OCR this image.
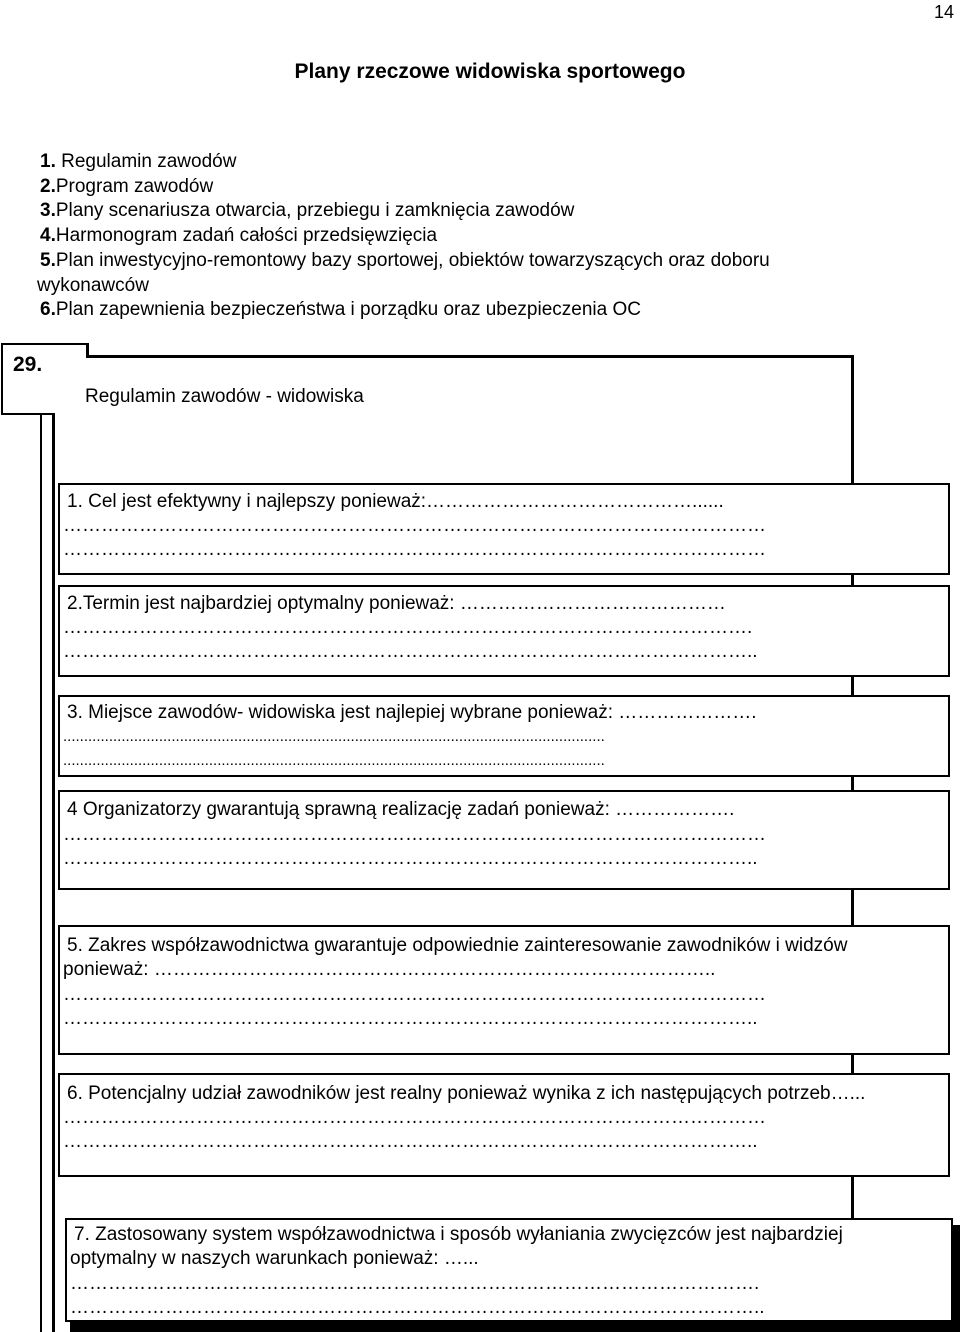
14
Plany rzeczowe widowiska sportowego
1. Regulamin zawodów
2.Program zawodów
3.Plany scenariusza otwarcia, przebiegu i zamknięcia zawodów
4.Harmonogram zadań całości przedsięwzięcia
5.Plan inwestycyjno-remontowy bazy sportowej, obiektów towarzyszących oraz doboru
wykonawców
6.Plan zapewnienia bezpieczeństwa i porządku oraz ubezpieczenia OC
29.
Regulamin zawodów - widowiska
1. Cel jest efektywny i najlepszy ponieważ:……………………………………......
…………………………………………………………………………………………………
…………………………………………………………………………………………………
2.Termin jest najbardziej optymalny ponieważ: ……………………………………
……………………………………………………………………………………………….
………………………………………………………………………………………………..
3. Miejsce zawodów- widowiska jest najlepiej wybrane ponieważ: ………………….
..................................................................................................................................
..................................................................................................................................
4 Organizatorzy gwarantują sprawną realizację zadań ponieważ: ……………….
…………………………………………………………………………………………………
………………………………………………………………………………………………..
5. Zakres współzawodnictwa gwarantuje odpowiednie zainteresowanie zawodników i widzów
ponieważ: ……………………………………………………………………………..
…………………………………………………………………………………………………
………………………………………………………………………………………………..
6. Potencjalny udział zawodników jest realny ponieważ wynika z ich następujących potrzeb…...
…………………………………………………………………………………………………
………………………………………………………………………………………………..
7. Zastosowany system współzawodnictwa i sposób wyłaniania zwycięzców jest najbardziej
optymalny w naszych warunkach ponieważ: …...
……………………………………………………………………………………………….
………………………………………………………………………………………………..
